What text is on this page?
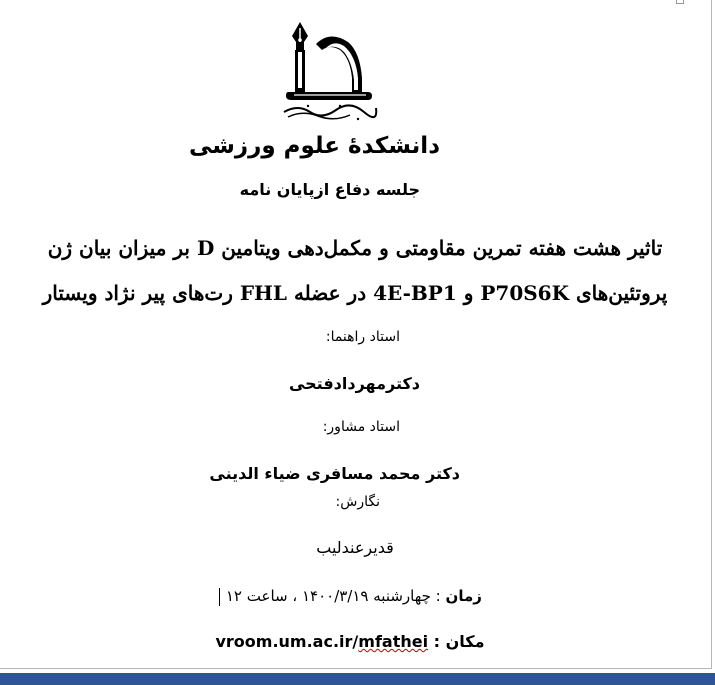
دانشکدهٔ علوم ورزشی
جلسه دفاع ازپایان نامه
تاثیر هشت هفته تمرین مقاومتی و مکمل‌دهی ویتامین D بر میزان بیان ژن
پروتئین‌های P70S6K و 4E-BP1 در عضله FHL رت‌های پیر نژاد ویستار
استاد راهنما:
دکترمهردادفتحی
استاد مشاور:
دکتر محمد مسافری ضیاء الدینی
نگارش:
قدیرعندلیب
زمان : چهارشنبه ۱۴۰۰/۳/۱۹ ، ساعت ۱۲
مکان : vroom.um.ac.ir/mfathei
